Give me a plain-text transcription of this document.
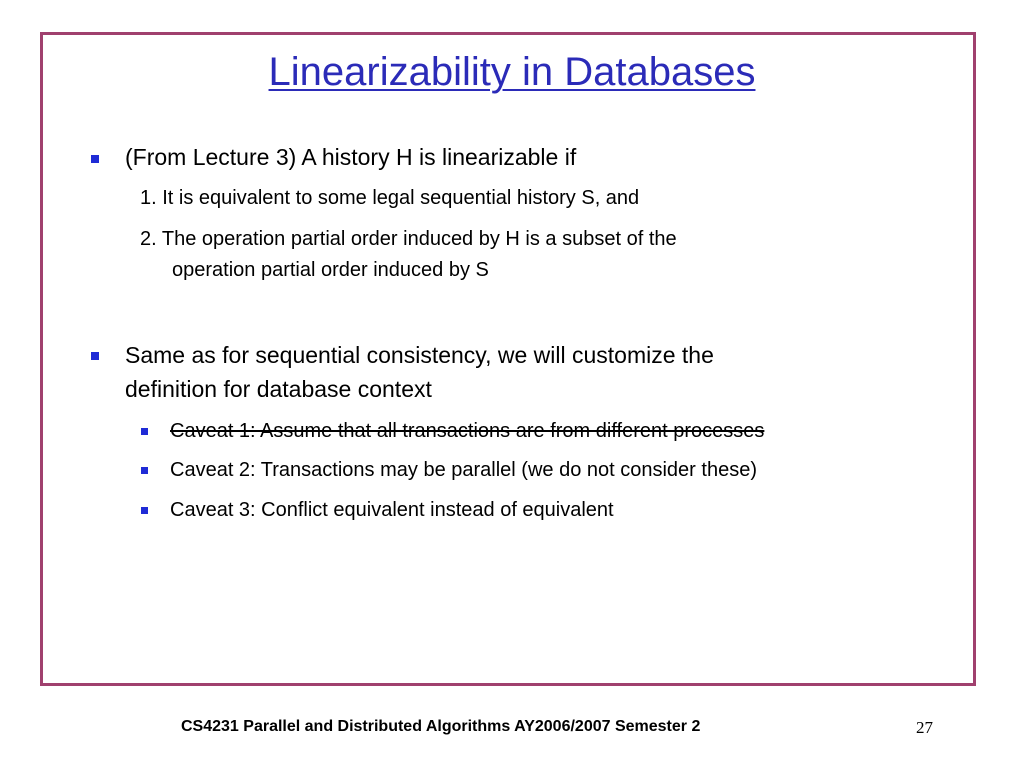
Linearizability in Databases
(From Lecture 3) A history H is linearizable if
1. It is equivalent to some legal sequential history S, and
2. The operation partial order induced by H is a subset of the
operation partial order induced by S
Same as for sequential consistency, we will customize the
definition for database context
Caveat 1: Assume that all transactions are from different processes
Caveat 2: Transactions may be parallel (we do not consider these)
Caveat 3: Conflict equivalent instead of equivalent
CS4231 Parallel and Distributed Algorithms AY2006/2007 Semester 2	27
